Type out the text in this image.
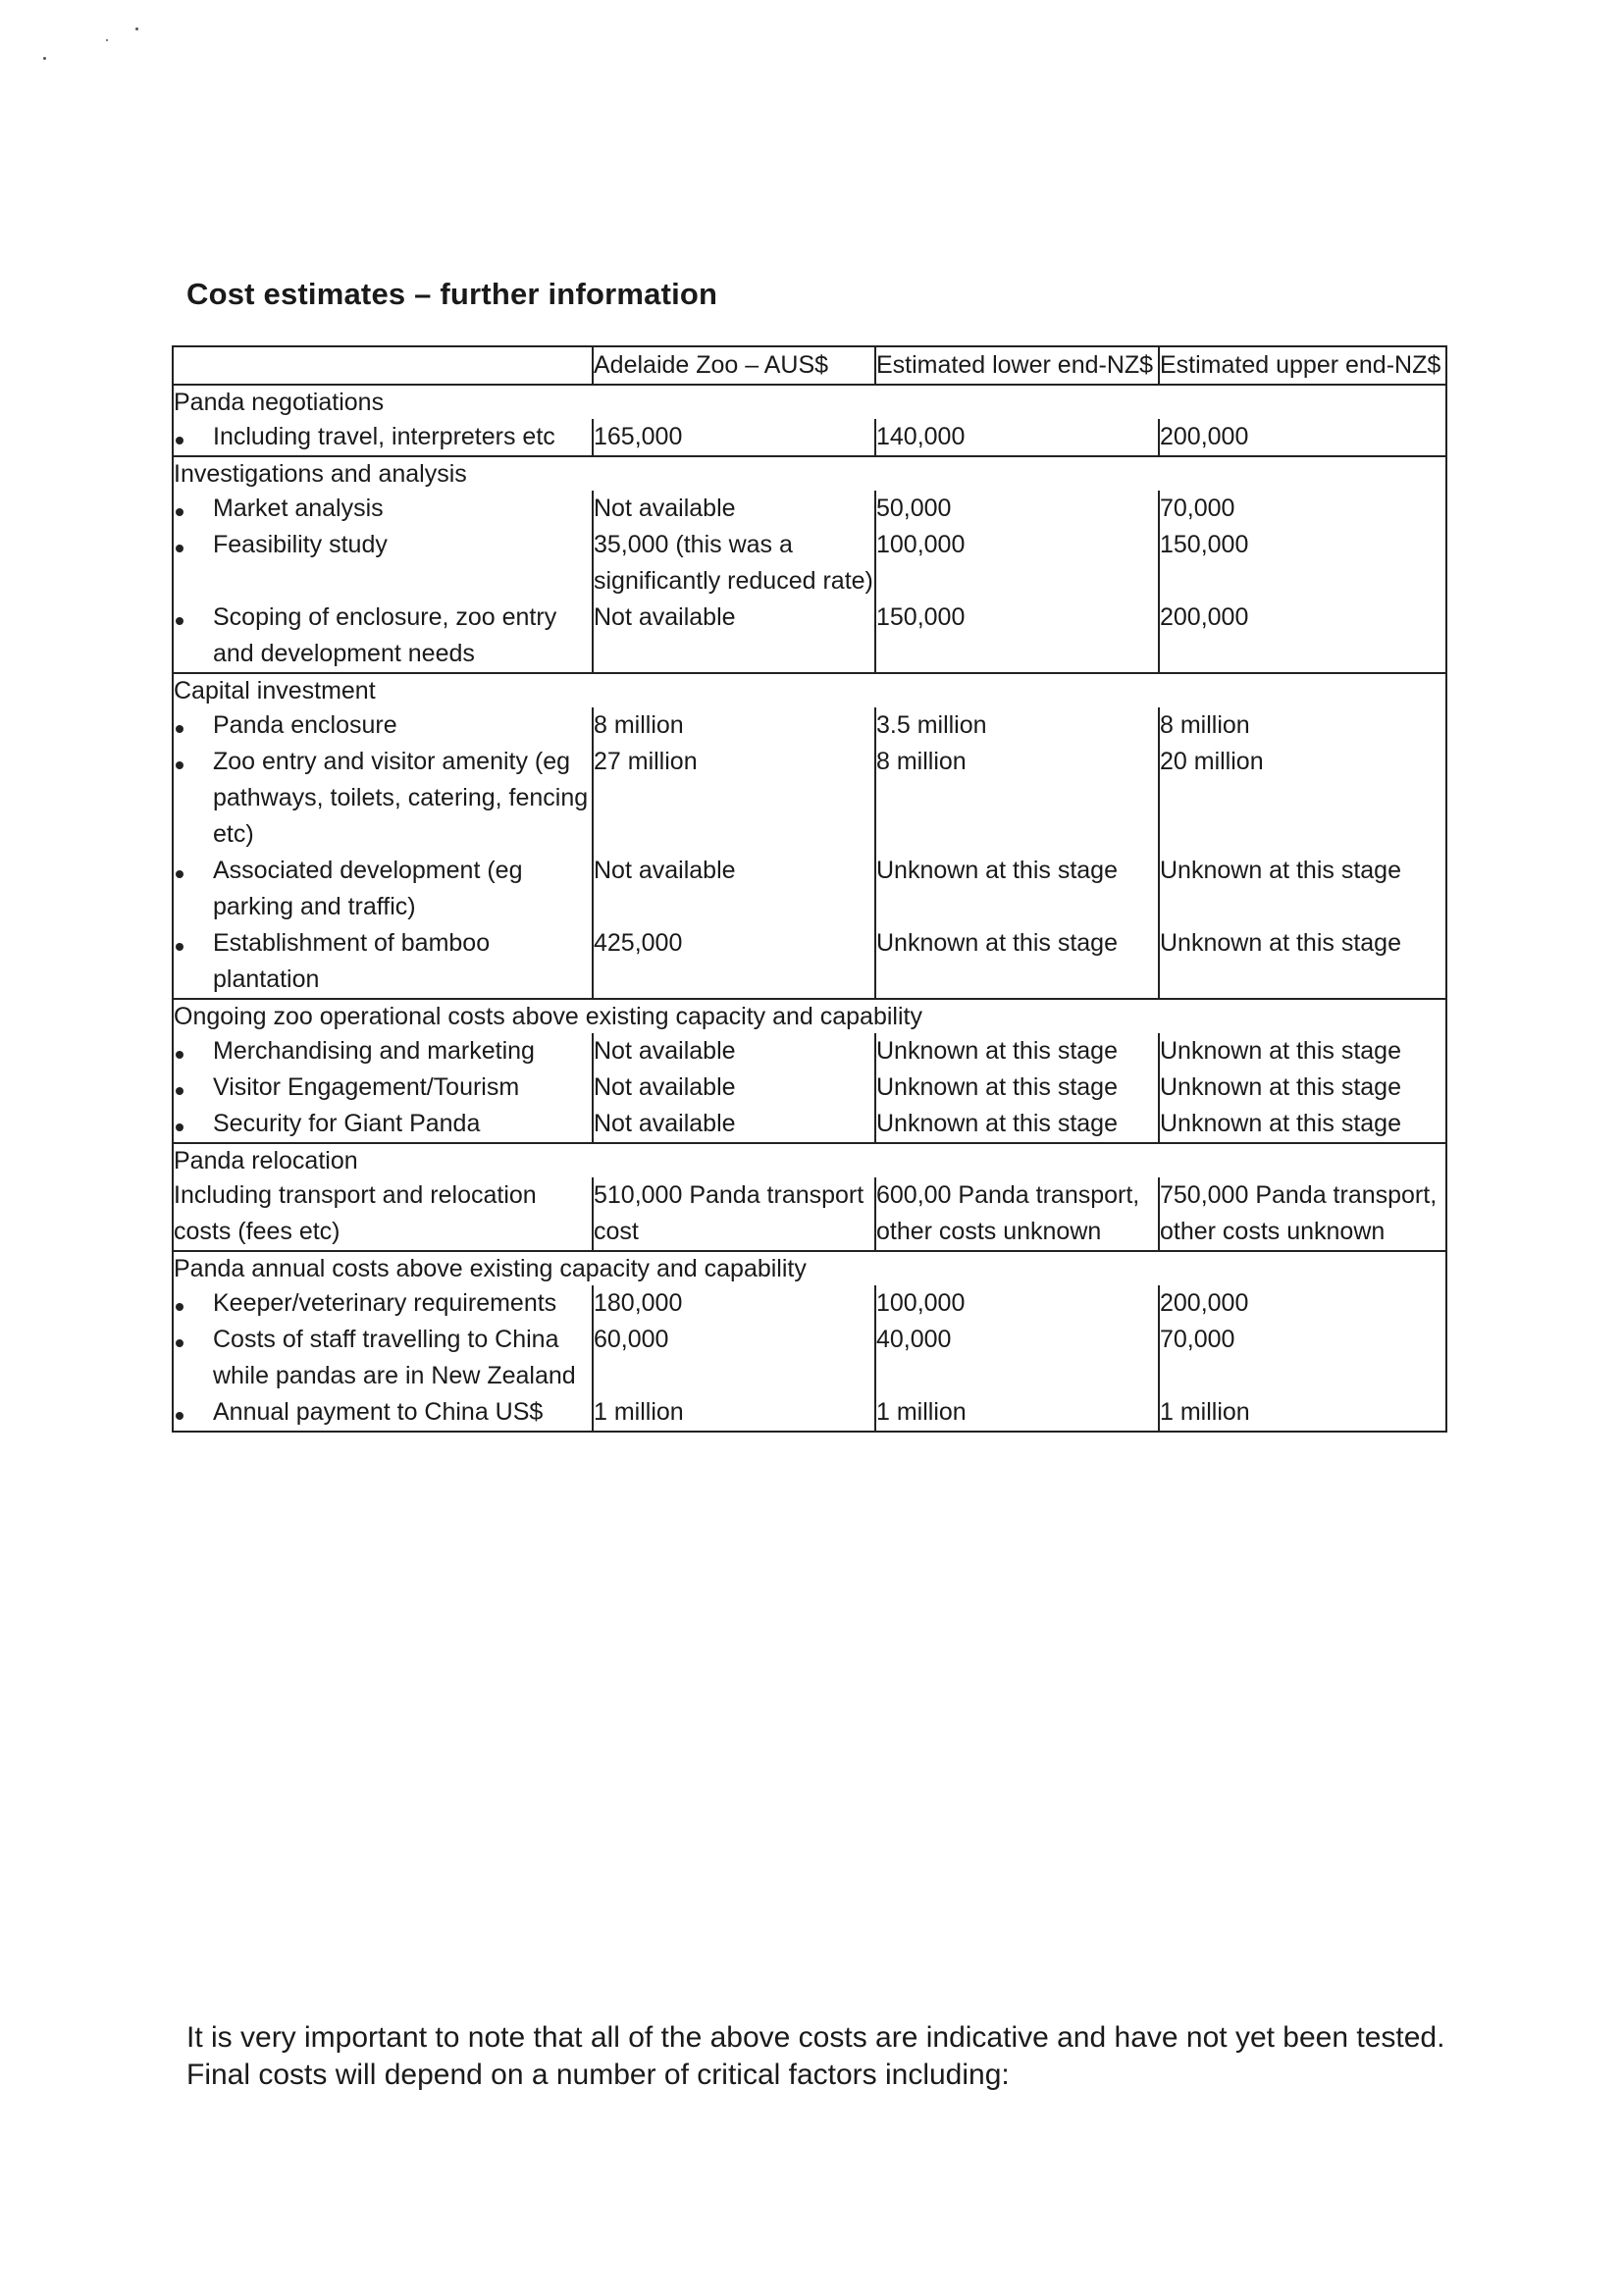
Cost estimates – further information
	Adelaide Zoo – AUS$	Estimated lower end-NZ$	Estimated upper end-NZ$
Panda negotiations			

Including travel, interpreters etc	165,000	140,000	200,000
Investigations and analysis			

Market analysis	Not available	50,000	70,000

Feasibility study	35,000 (this was a significantly reduced rate)	100,000	150,000

Scoping of enclosure, zoo entry and development needs	Not available	150,000	200,000
Capital investment			

Panda enclosure	8 million	3.5 million	8 million

Zoo entry and visitor amenity (eg pathways, toilets, catering, fencing etc)	27 million	8 million	20 million

Associated development (eg parking and traffic)	Not available	Unknown at this stage	Unknown at this stage

Establishment of bamboo plantation	425,000	Unknown at this stage	Unknown at this stage
Ongoing zoo operational costs above existing capacity and capability			

Merchandising and marketing	Not available	Unknown at this stage	Unknown at this stage

Visitor Engagement/Tourism	Not available	Unknown at this stage	Unknown at this stage

Security for Giant Panda	Not available	Unknown at this stage	Unknown at this stage
Panda relocation			

Including transport and relocation costs (fees etc)	510,000 Panda transport cost	600,00 Panda transport, other costs unknown	750,000 Panda transport, other costs unknown
Panda annual costs above existing capacity and capability			

Keeper/veterinary requirements	180,000	100,000	200,000

Costs of staff travelling to China while pandas are in New Zealand	60,000	40,000	70,000

Annual payment to China US$	1 million	1 million	1 million

It is very important to note that all of the above costs are indicative and have not yet been tested. Final costs will depend on a number of critical factors including:
